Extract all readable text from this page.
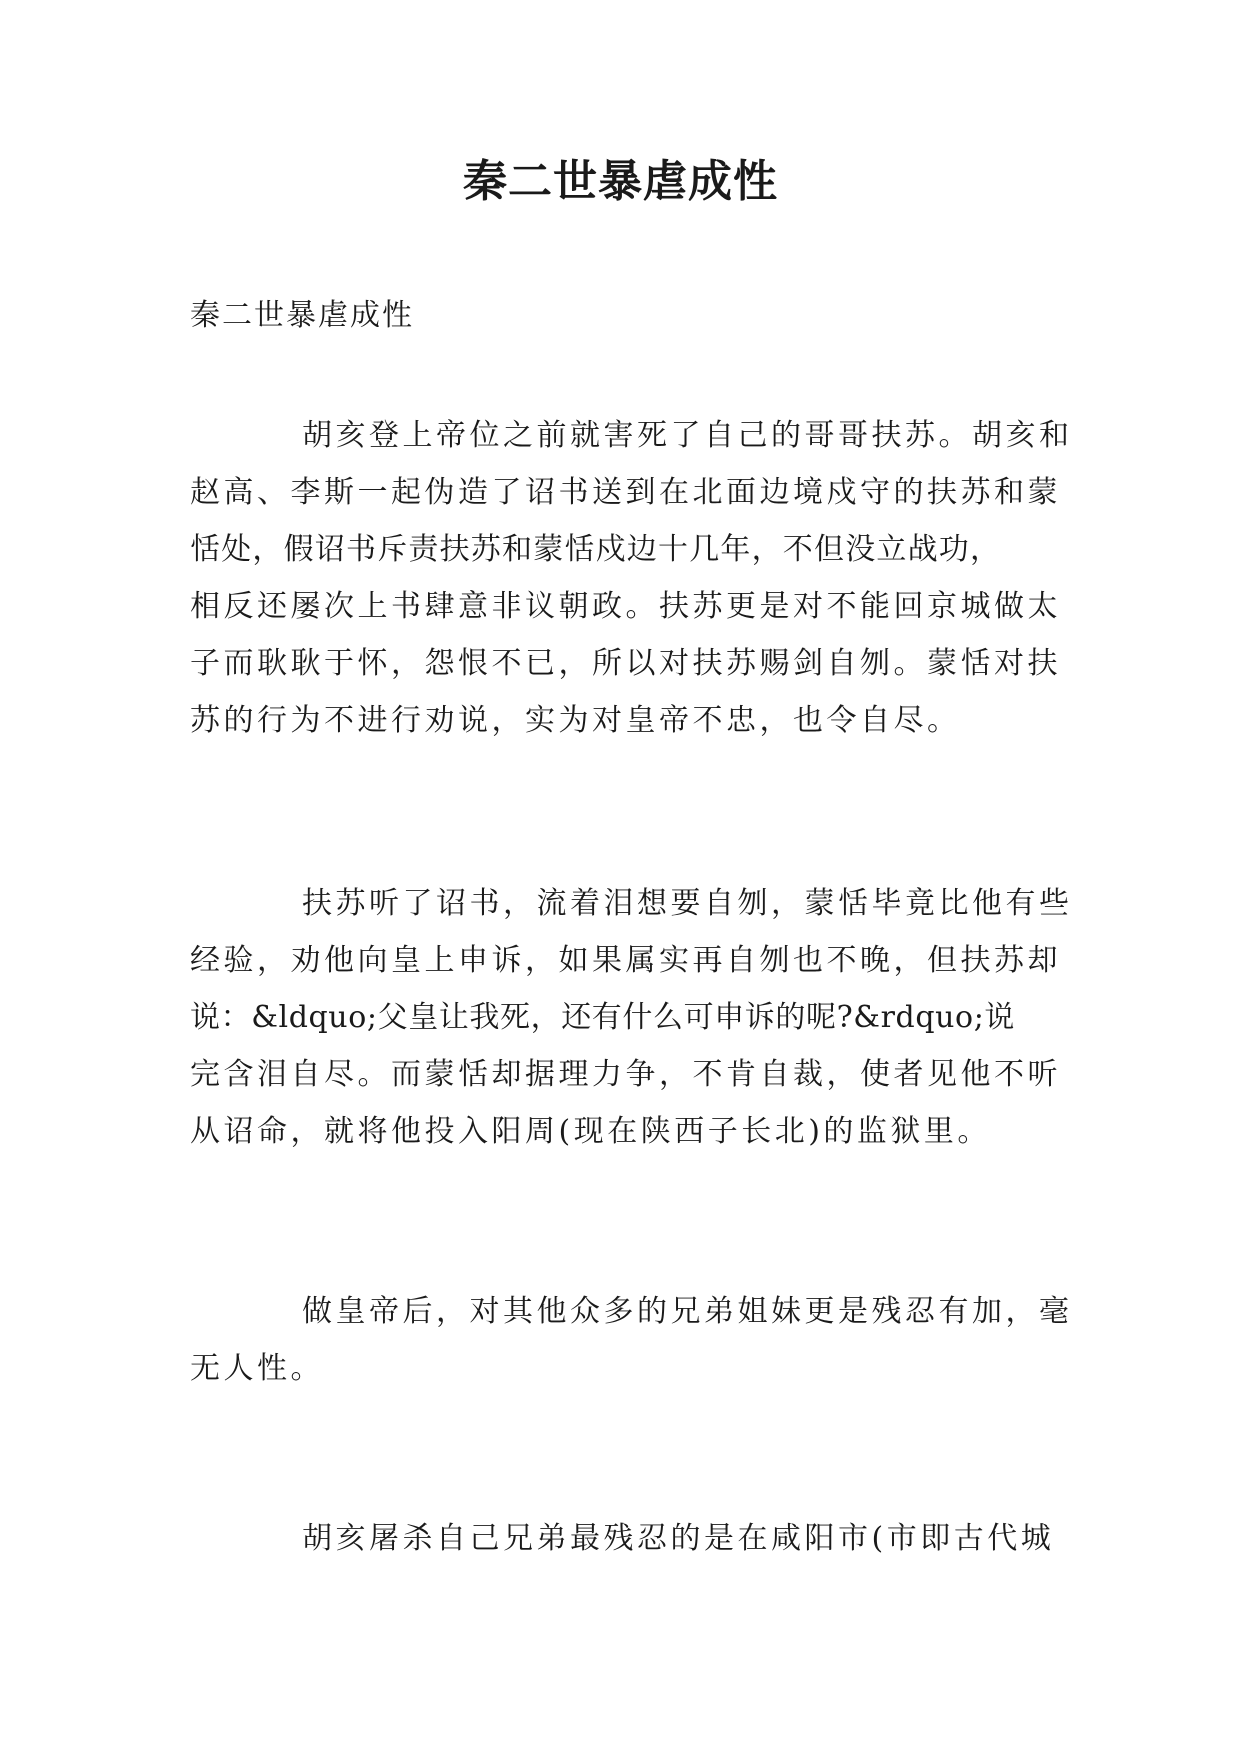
秦二世暴虐成性
秦二世暴虐成性

胡亥登上帝位之前就害死了自己的哥哥扶苏。胡亥和
赵高、李斯一起伪造了诏书送到在北面边境戍守的扶苏和蒙
恬处，假诏书斥责扶苏和蒙恬戍边十几年，不但没立战功，
相反还屡次上书肆意非议朝政。扶苏更是对不能回京城做太
子而耿耿于怀，怨恨不已，所以对扶苏赐剑自刎。蒙恬对扶
苏的行为不进行劝说，实为对皇帝不忠，也令自尽。

扶苏听了诏书，流着泪想要自刎，蒙恬毕竟比他有些
经验，劝他向皇上申诉，如果属实再自刎也不晚，但扶苏却
说：&ldquo;父皇让我死，还有什么可申诉的呢?&rdquo;说
完含泪自尽。而蒙恬却据理力争，不肯自裁，使者见他不听
从诏命，就将他投入阳周(现在陕西子长北)的监狱里。

做皇帝后，对其他众多的兄弟姐妹更是残忍有加，毫
无人性。

胡亥屠杀自己兄弟最残忍的是在咸阳市(市即古代城
